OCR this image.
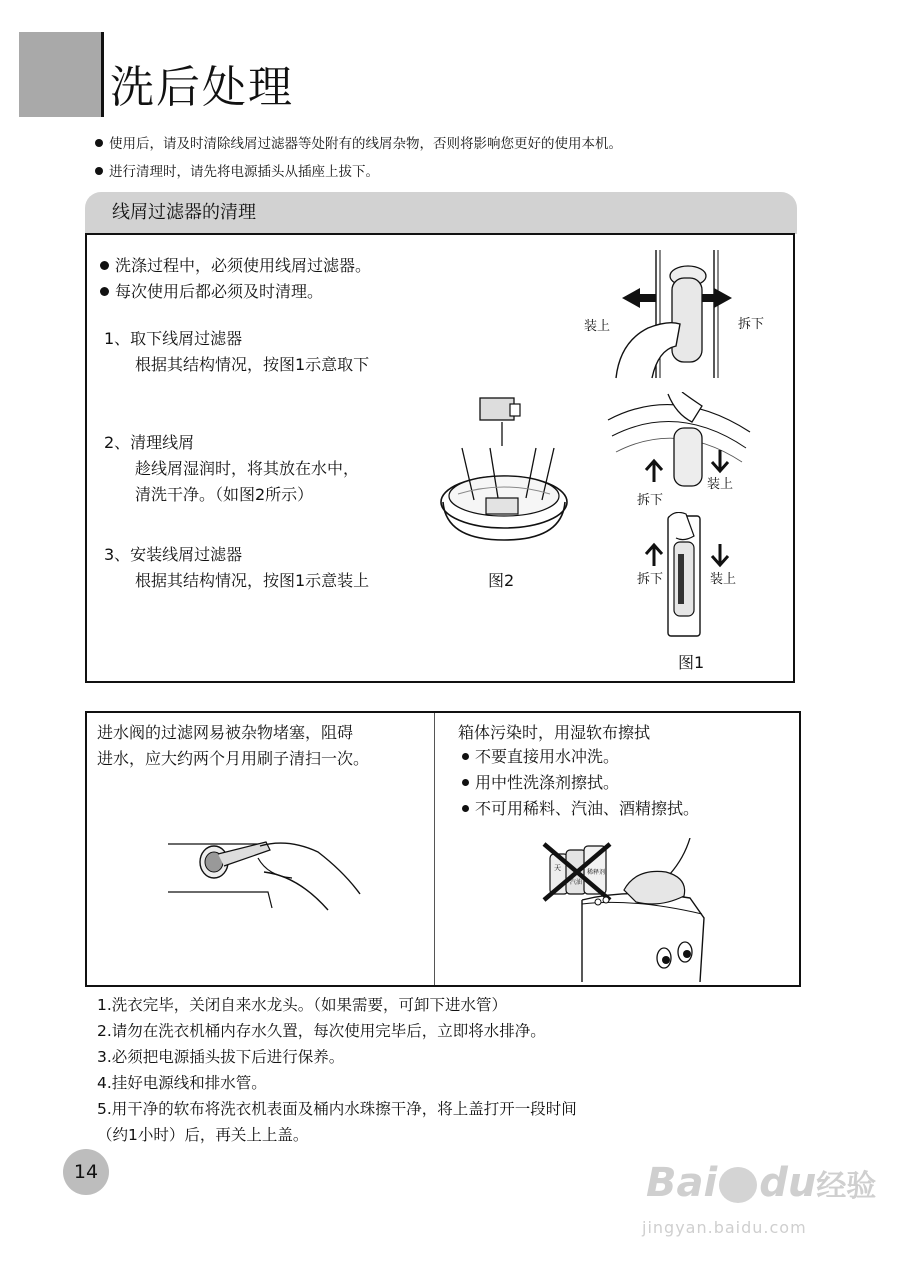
洗后处理
使用后，请及时清除线屑过滤器等处附有的线屑杂物，否则将影响您更好的使用本机。
进行清理时，请先将电源插头从插座上拔下。
线屑过滤器的清理
洗涤过程中，必须使用线屑过滤器。
每次使用后都必须及时清理。
1、取下线屑过滤器
根据其结构情况，按图1示意取下
2、清理线屑
趁线屑湿润时，将其放在水中，
清洗干净。（如图2所示）
3、安装线屑过滤器
根据其结构情况，按图1示意装上	图2
装上	拆下
拆下
装上
拆下	装上
图1
进水阀的过滤网易被杂物堵塞，阻碍
进水，应大约两个月用刷子清扫一次。
箱体污染时，用湿软布擦拭
不要直接用水冲洗。
用中性洗涤剂擦拭。
不可用稀料、汽油、酒精擦拭。
天
稀释剂
汽油
1.洗衣完毕，关闭自来水龙头。（如果需要，可卸下进水管）
2.请勿在洗衣机桶内存水久置，每次使用完毕后，立即将水排净。
3.必须把电源插头拔下后进行保养。
4.挂好电源线和排水管。
5.用干净的软布将洗衣机表面及桶内水珠擦干净，将上盖打开一段时间
（约1小时）后，再关上上盖。
14	Bai du经验
jingyan.baidu.com
